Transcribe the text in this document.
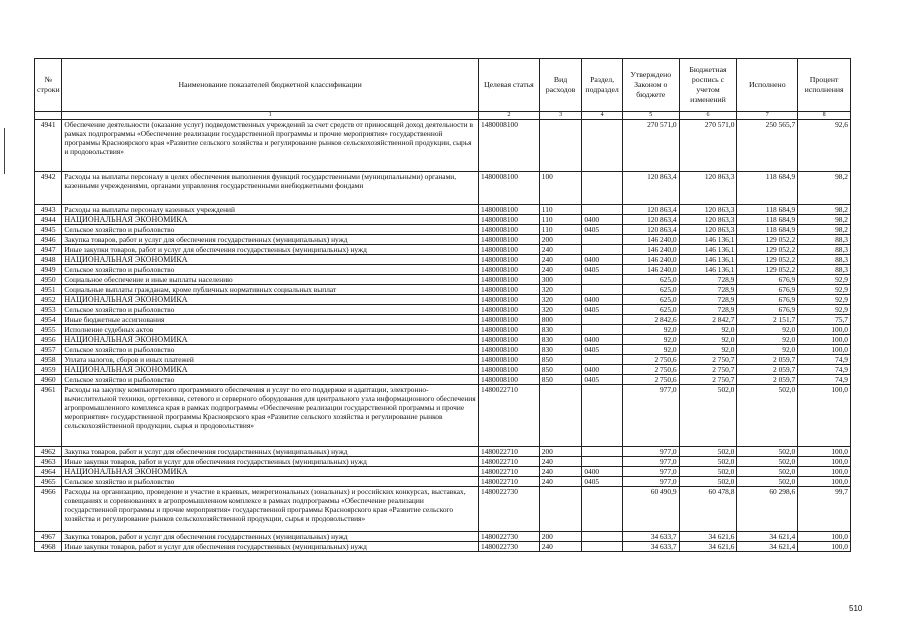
№ строки	Наименование показателей бюджетной классификации	Целевая статья	Вид расходов	Раздел, подраздел	Утверждено Законом о бюджете	Бюджетная роспись с учетом изменений	Исполнено	Процент исполнения
	1	2	3	4	5	6	7	8
4941	Обеспечение деятельности (оказание услуг) подведомственных учреждений за счет средств от приносящей доход деятельности в рамках подпрограммы «Обеспечение реализации государственной программы и прочие мероприятия» государственной программы Красноярского края «Развитие сельского хозяйства и регулирование рынков сельскохозяйственной продукции, сырья и продовольствия»	1480008100			270 571,0	270 571,0	250 565,7	92,6
4942	Расходы на выплаты персоналу в целях обеспечения выполнения функций государственными (муниципальными) органами, казенными учреждениями, органами управления государственными внебюджетными фондами	1480008100	100		120 863,4	120 863,3	118 684,9	98,2
4943	Расходы на выплаты персоналу казенных учреждений	1480008100	110		120 863,4	120 863,3	118 684,9	98,2
4944	НАЦИОНАЛЬНАЯ ЭКОНОМИКА	1480008100	110	0400	120 863,4	120 863,3	118 684,9	98,2
4945	Сельское хозяйство и рыболовство	1480008100	110	0405	120 863,4	120 863,3	118 684,9	98,2
4946	Закупка товаров, работ и услуг для обеспечения государственных (муниципальных) нужд	1480008100	200		146 240,0	146 136,1	129 052,2	88,3
4947	Иные закупки товаров, работ и услуг для обеспечения государственных (муниципальных) нужд	1480008100	240		146 240,0	146 136,1	129 052,2	88,3
4948	НАЦИОНАЛЬНАЯ ЭКОНОМИКА	1480008100	240	0400	146 240,0	146 136,1	129 052,2	88,3
4949	Сельское хозяйство и рыболовство	1480008100	240	0405	146 240,0	146 136,1	129 052,2	88,3
4950	Социальное обеспечение и иные выплаты населению	1480008100	300		625,0	728,9	676,9	92,9
4951	Социальные выплаты гражданам, кроме публичных нормативных социальных выплат	1480008100	320		625,0	728,9	676,9	92,9
4952	НАЦИОНАЛЬНАЯ ЭКОНОМИКА	1480008100	320	0400	625,0	728,9	676,9	92,9
4953	Сельское хозяйство и рыболовство	1480008100	320	0405	625,0	728,9	676,9	92,9
4954	Иные бюджетные ассигнования	1480008100	800		2 842,6	2 842,7	2 151,7	75,7
4955	Исполнение судебных актов	1480008100	830		92,0	92,0	92,0	100,0
4956	НАЦИОНАЛЬНАЯ ЭКОНОМИКА	1480008100	830	0400	92,0	92,0	92,0	100,0
4957	Сельское хозяйство и рыболовство	1480008100	830	0405	92,0	92,0	92,0	100,0
4958	Уплата налогов, сборов и иных платежей	1480008100	850		2 750,6	2 750,7	2 059,7	74,9
4959	НАЦИОНАЛЬНАЯ ЭКОНОМИКА	1480008100	850	0400	2 750,6	2 750,7	2 059,7	74,9
4960	Сельское хозяйство и рыболовство	1480008100	850	0405	2 750,6	2 750,7	2 059,7	74,9
4961	Расходы на закупку компьютерного программного обеспечения и услуг по его поддержке и адаптации, электронно-вычислительной техники, оргтехники, сетевого и серверного оборудования для центрального узла информационного обеспечения агропромышленного комплекса края в рамках подпрограммы «Обеспечение реализации государственной программы и прочие мероприятия» государственной программы Красноярского края «Развитие сельского хозяйства и регулирование рынков сельскохозяйственной продукции, сырья и продовольствия»	1480022710			977,0	502,0	502,0	100,0
4962	Закупка товаров, работ и услуг для обеспечения государственных (муниципальных) нужд	1480022710	200		977,0	502,0	502,0	100,0
4963	Иные закупки товаров, работ и услуг для обеспечения государственных (муниципальных) нужд	1480022710	240		977,0	502,0	502,0	100,0
4964	НАЦИОНАЛЬНАЯ ЭКОНОМИКА	1480022710	240	0400	977,0	502,0	502,0	100,0
4965	Сельское хозяйство и рыболовство	1480022710	240	0405	977,0	502,0	502,0	100,0
4966	Расходы на организацию, проведение и участие в краевых, межрегиональных (зональных) и российских конкурсах, выставках, совещаниях и соревнованиях в агропромышленном комплексе в рамках подпрограммы «Обеспечение реализации государственной программы и прочие мероприятия» государственной программы Красноярского края «Развитие сельского хозяйства и регулирование рынков сельскохозяйственной продукции, сырья и продовольствия»	1480022730			60 490,9	60 478,8	60 298,6	99,7
4967	Закупка товаров, работ и услуг для обеспечения государственных (муниципальных) нужд	1480022730	200		34 633,7	34 621,6	34 621,4	100,0
4968	Иные закупки товаров, работ и услуг для обеспечения государственных (муниципальных) нужд	1480022730	240		34 633,7	34 621,6	34 621,4	100,0
510
